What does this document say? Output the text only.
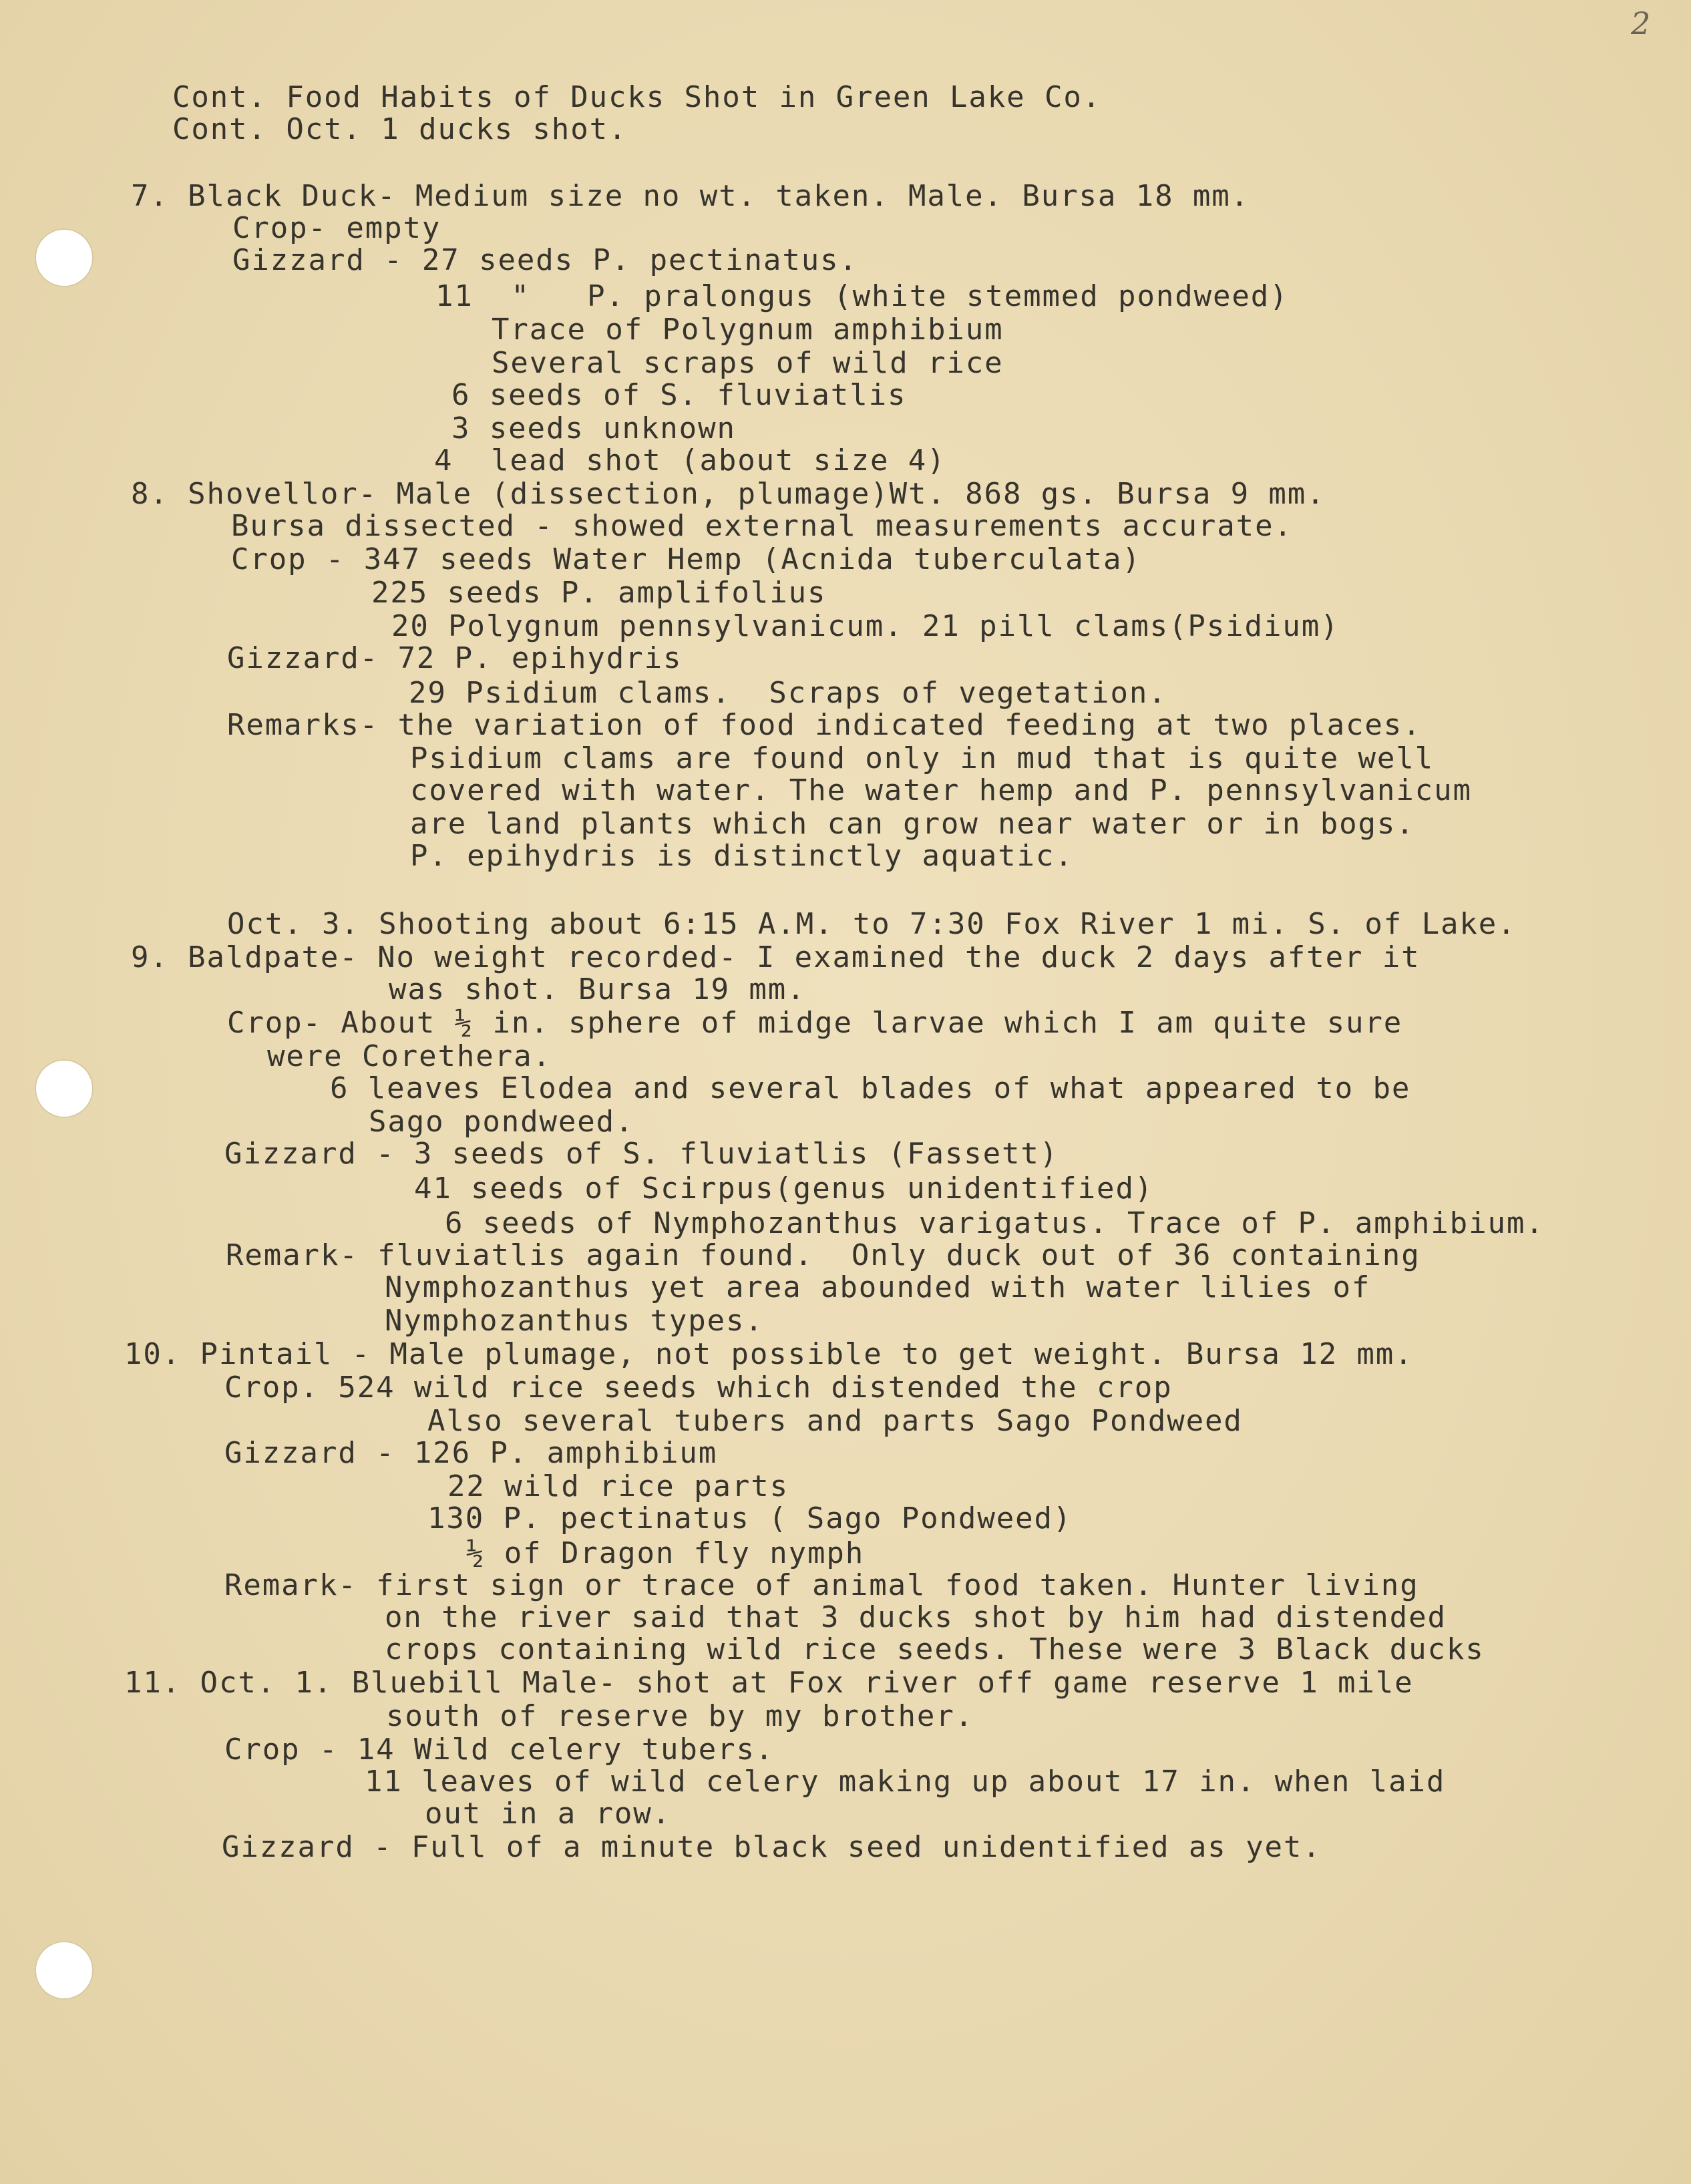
2
Cont. Food Habits of Ducks Shot in Green Lake Co.
Cont. Oct. 1 ducks shot.
7. Black Duck- Medium size no wt. taken. Male. Bursa 18 mm.
Crop- empty
Gizzard - 27 seeds P. pectinatus.
11  "   P. pralongus (white stemmed pondweed)
Trace of Polygnum amphibium
Several scraps of wild rice
6 seeds of S. fluviatlis
3 seeds unknown
4  lead shot (about size 4)
8. Shovellor- Male (dissection, plumage)Wt. 868 gs. Bursa 9 mm.
Bursa dissected - showed external measurements accurate.
Crop - 347 seeds Water Hemp (Acnida tuberculata)
225 seeds P. amplifolius
20 Polygnum pennsylvanicum. 21 pill clams(Psidium)
Gizzard- 72 P. epihydris
29 Psidium clams.  Scraps of vegetation.
Remarks- the variation of food indicated feeding at two places.
Psidium clams are found only in mud that is quite well
covered with water. The water hemp and P. pennsylvanicum
are land plants which can grow near water or in bogs.
P. epihydris is distinctly aquatic.
Oct. 3. Shooting about 6:15 A.M. to 7:30 Fox River 1 mi. S. of Lake.
9. Baldpate- No weight recorded- I examined the duck 2 days after it
was shot. Bursa 19 mm.
Crop- About ½ in. sphere of midge larvae which I am quite sure
were Corethera.
6 leaves Elodea and several blades of what appeared to be
Sago pondweed.
Gizzard - 3 seeds of S. fluviatlis (Fassett)
41 seeds of Scirpus(genus unidentified)
6 seeds of Nymphozanthus varigatus. Trace of P. amphibium.
Remark- fluviatlis again found.  Only duck out of 36 containing
Nymphozanthus yet area abounded with water lilies of
Nymphozanthus types.
10. Pintail - Male plumage, not possible to get weight. Bursa 12 mm.
Crop. 524 wild rice seeds which distended the crop
Also several tubers and parts Sago Pondweed
Gizzard - 126 P. amphibium
22 wild rice parts
130 P. pectinatus ( Sago Pondweed)
½ of Dragon fly nymph
Remark- first sign or trace of animal food taken. Hunter living
on the river said that 3 ducks shot by him had distended
crops containing wild rice seeds. These were 3 Black ducks
11. Oct. 1. Bluebill Male- shot at Fox river off game reserve 1 mile
south of reserve by my brother.
Crop - 14 Wild celery tubers.
11 leaves of wild celery making up about 17 in. when laid
out in a row.
Gizzard - Full of a minute black seed unidentified as yet.
